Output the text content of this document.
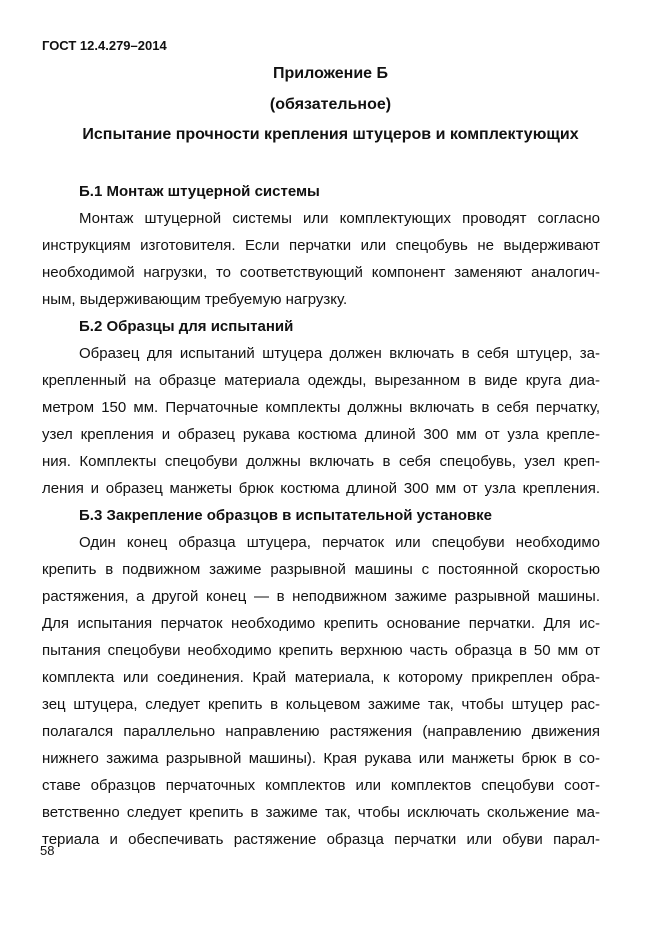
ГОСТ 12.4.279–2014
Приложение Б
(обязательное)
Испытание прочности крепления штуцеров и комплектующих
Б.1 Монтаж штуцерной системы
Монтаж штуцерной системы или комплектующих проводят согласно
инструкциям изготовителя. Если перчатки или спецобувь не выдерживают
необходимой нагрузки, то соответствующий компонент заменяют аналогич-
ным, выдерживающим требуемую нагрузку.
Б.2 Образцы для испытаний
Образец для испытаний штуцера должен включать в себя штуцер, за-
крепленный на образце материала одежды, вырезанном в виде круга диа-
метром 150 мм. Перчаточные комплекты должны включать в себя перчатку,
узел крепления и образец рукава костюма длиной 300 мм от узла крепле-
ния. Комплекты спецобуви должны включать в себя спецобувь, узел креп-
ления и образец манжеты брюк костюма длиной 300 мм от узла крепления.
Б.3 Закрепление образцов в испытательной установке
Один конец образца штуцера, перчаток или спецобуви необходимо
крепить в подвижном зажиме разрывной машины с постоянной скоростью
растяжения, а другой конец — в неподвижном зажиме разрывной машины.
Для испытания перчаток необходимо крепить основание перчатки. Для ис-
пытания спецобуви необходимо крепить верхнюю часть образца в 50 мм от
комплекта или соединения. Край материала, к которому прикреплен обра-
зец штуцера, следует крепить в кольцевом зажиме так, чтобы штуцер рас-
полагался параллельно направлению растяжения (направлению движения
нижнего зажима разрывной машины). Края рукава или манжеты брюк в со-
ставе образцов перчаточных комплектов или комплектов спецобуви соот-
ветственно следует крепить в зажиме так, чтобы исключать скольжение ма-
териала и обеспечивать растяжение образца перчатки или обуви парал-
58
